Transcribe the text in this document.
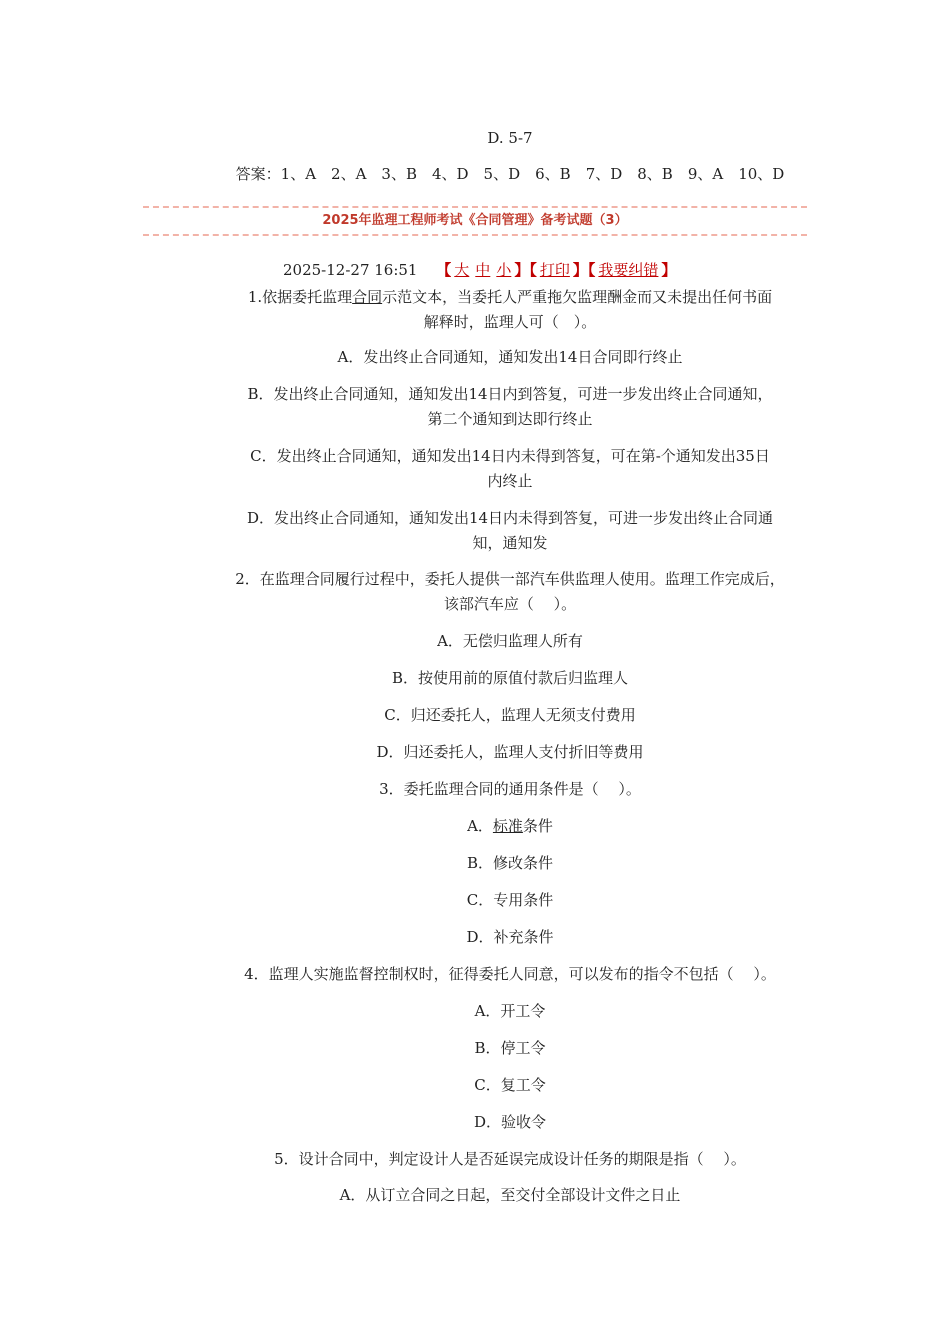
D. 5-7
答案：1、A　2、A　3、B　4、D　5、D　6、B　7、D　8、B　9、A　10、D
2025年监理工程师考试《合同管理》备考试题（3）
2025-12-27 16:51 【 大 中 小 】【 打印 】【 我要纠错 】
1.依据委托监理合同示范文本，当委托人严重拖欠监理酬金而又未提出任何书面
解释时，监理人可（　）。
A．发出终止合同通知，通知发出14日合同即行终止
B．发出终止合同通知，通知发出14日内到答复，可进一步发出终止合同通知，
第二个通知到达即行终止
C．发出终止合同通知，通知发出14日内未得到答复，可在第-个通知发出35日
内终止
D．发出终止合同通知，通知发出14日内未得到答复，可进一步发出终止合同通
知，通知发
2．在监理合同履行过程中，委托人提供一部汽车供监理人使用。监理工作完成后，
该部汽车应（　 ）。
A．无偿归监理人所有
B．按使用前的原值付款后归监理人
C．归还委托人，监理人无须支付费用
D．归还委托人，监理人支付折旧等费用
3．委托监理合同的通用条件是（　 ）。
A．标准条件
B．修改条件
C．专用条件
D．补充条件
4．监理人实施监督控制权时，征得委托人同意，可以发布的指令不包括（　 ）。
A．开工令
B．停工令
C．复工令
D．验收令
5．设计合同中，判定设计人是否延误完成设计任务的期限是指（　 ）。
A．从订立合同之日起，至交付全部设计文件之日止
